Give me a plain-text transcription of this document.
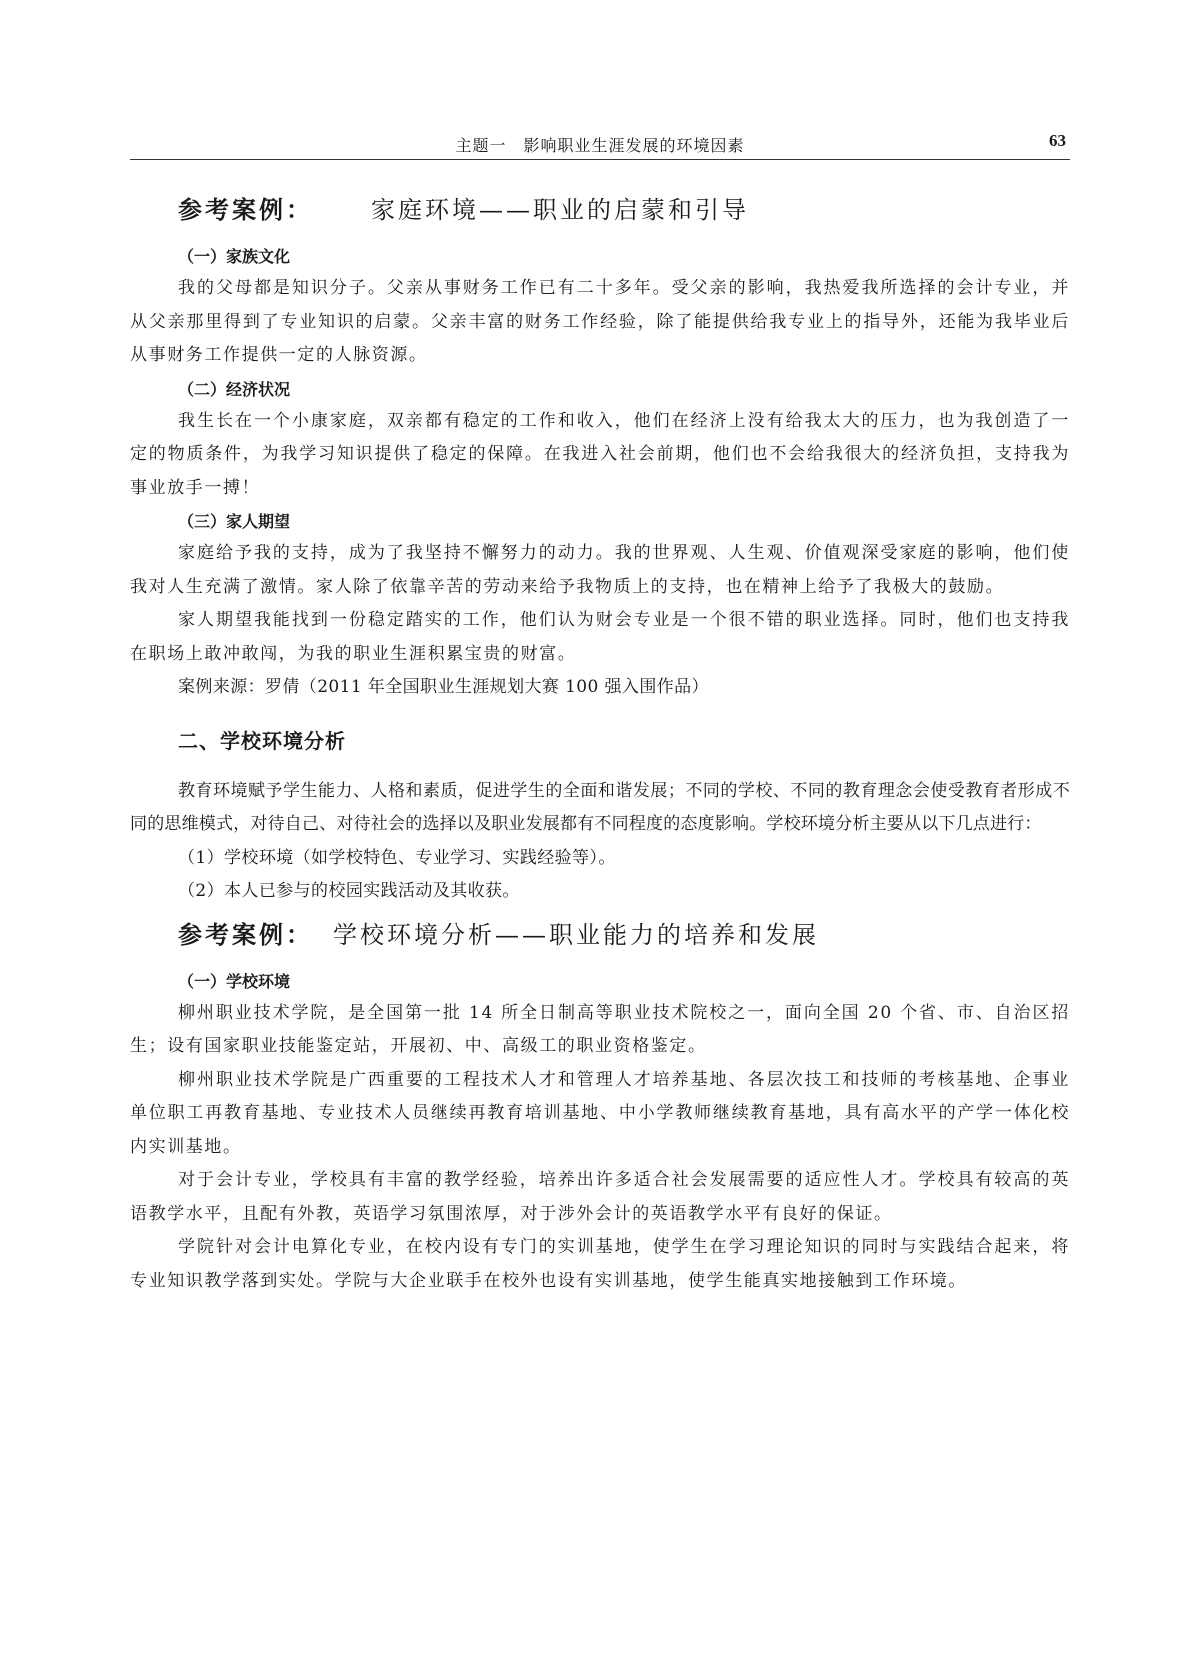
主题一　影响职业生涯发展的环境因素	63
参考案例： 家庭环境——职业的启蒙和引导
（一）家族文化

我的父母都是知识分子。父亲从事财务工作已有二十多年。受父亲的影响，我热爱我所选择的会计专业，并从父亲那里得到了专业知识的启蒙。父亲丰富的财务工作经验，除了能提供给我专业上的指导外，还能为我毕业后从事财务工作提供一定的人脉资源。

（二）经济状况

我生长在一个小康家庭，双亲都有稳定的工作和收入，他们在经济上没有给我太大的压力，也为我创造了一定的物质条件，为我学习知识提供了稳定的保障。在我进入社会前期，他们也不会给我很大的经济负担，支持我为事业放手一搏！

（三）家人期望

家庭给予我的支持，成为了我坚持不懈努力的动力。我的世界观、人生观、价值观深受家庭的影响，他们使我对人生充满了激情。家人除了依靠辛苦的劳动来给予我物质上的支持，也在精神上给予了我极大的鼓励。

家人期望我能找到一份稳定踏实的工作，他们认为财会专业是一个很不错的职业选择。同时，他们也支持我在职场上敢冲敢闯，为我的职业生涯积累宝贵的财富。

案例来源：罗倩（2011 年全国职业生涯规划大赛 100 强入围作品）

二、学校环境分析

教育环境赋予学生能力、人格和素质，促进学生的全面和谐发展；不同的学校、不同的教育理念会使受教育者形成不同的思维模式，对待自己、对待社会的选择以及职业发展都有不同程度的态度影响。学校环境分析主要从以下几点进行：

（1）学校环境（如学校特色、专业学习、实践经验等）。

（2）本人已参与的校园实践活动及其收获。

参考案例： 学校环境分析——职业能力的培养和发展
（一）学校环境

柳州职业技术学院，是全国第一批 14 所全日制高等职业技术院校之一，面向全国 20 个省、市、自治区招生；设有国家职业技能鉴定站，开展初、中、高级工的职业资格鉴定。

柳州职业技术学院是广西重要的工程技术人才和管理人才培养基地、各层次技工和技师的考核基地、企事业单位职工再教育基地、专业技术人员继续再教育培训基地、中小学教师继续教育基地，具有高水平的产学一体化校内实训基地。

对于会计专业，学校具有丰富的教学经验，培养出许多适合社会发展需要的适应性人才。学校具有较高的英语教学水平，且配有外教，英语学习氛围浓厚，对于涉外会计的英语教学水平有良好的保证。

学院针对会计电算化专业，在校内设有专门的实训基地，使学生在学习理论知识的同时与实践结合起来，将专业知识教学落到实处。学院与大企业联手在校外也设有实训基地，使学生能真实地接触到工作环境。
